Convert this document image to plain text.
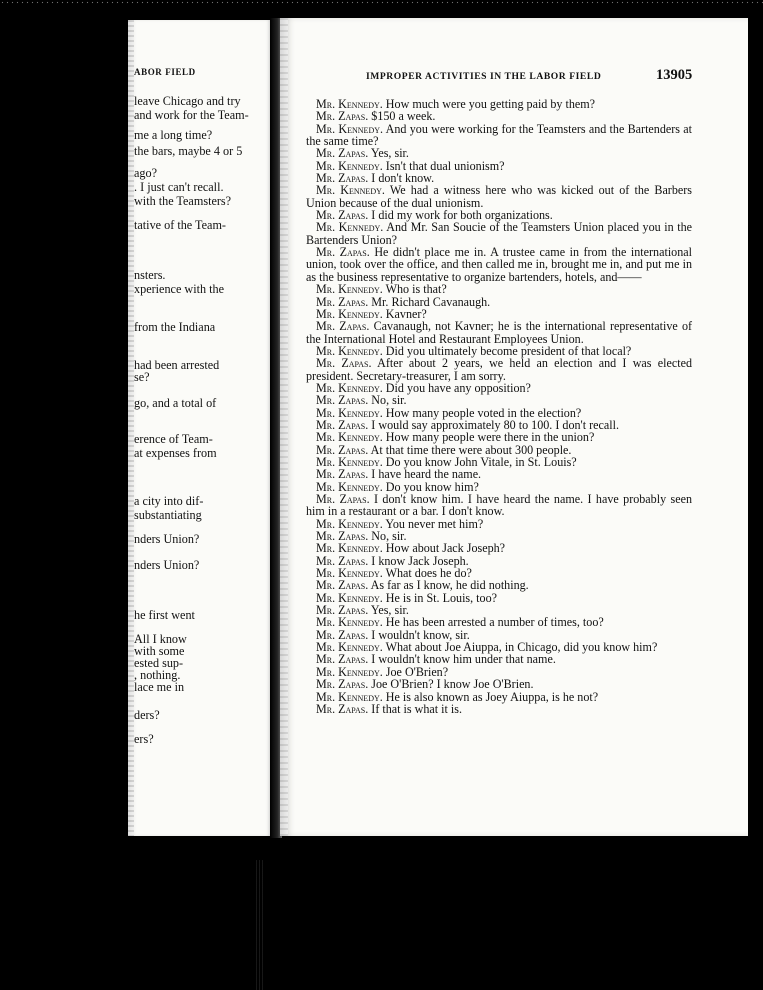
ABOR FIELD
leave Chicago and try
and work for the Team-
me a long time?
the bars, maybe 4 or 5
ago?
. I just can't recall.
with the Teamsters?
tative of the Team-
nsters.
xperience with the
from the Indiana
had been arrested
se?
go, and a total of
erence of Team-
at expenses from
a city into dif-
substantiating
nders Union?
nders Union?
he first went
All I know
with some
ested sup-
, nothing.
lace me in
ders?
ers?
IMPROPER ACTIVITIES IN THE LABOR FIELD	13905

Mr. Kennedy. How much were you getting paid by them?

Mr. Zapas. $150 a week.

Mr. Kennedy. And you were working for the Teamsters and the Bartenders at the same time?

Mr. Zapas. Yes, sir.

Mr. Kennedy. Isn't that dual unionism?

Mr. Zapas. I don't know.

Mr. Kennedy. We had a witness here who was kicked out of the Barbers Union because of the dual unionism.

Mr. Zapas. I did my work for both organizations.

Mr. Kennedy. And Mr. San Soucie of the Teamsters Union placed you in the Bartenders Union?

Mr. Zapas. He didn't place me in. A trustee came in from the international union, took over the office, and then called me in, brought me in, and put me in as the business representative to organize bartenders, hotels, and——

Mr. Kennedy. Who is that?

Mr. Zapas. Mr. Richard Cavanaugh.

Mr. Kennedy. Kavner?

Mr. Zapas. Cavanaugh, not Kavner; he is the international representative of the International Hotel and Restaurant Employees Union.

Mr. Kennedy. Did you ultimately become president of that local?

Mr. Zapas. After about 2 years, we held an election and I was elected president. Secretary-treasurer, I am sorry.

Mr. Kennedy. Did you have any opposition?

Mr. Zapas. No, sir.

Mr. Kennedy. How many people voted in the election?

Mr. Zapas. I would say approximately 80 to 100. I don't recall.

Mr. Kennedy. How many people were there in the union?

Mr. Zapas. At that time there were about 300 people.

Mr. Kennedy. Do you know John Vitale, in St. Louis?

Mr. Zapas. I have heard the name.

Mr. Kennedy. Do you know him?

Mr. Zapas. I don't know him. I have heard the name. I have probably seen him in a restaurant or a bar. I don't know.

Mr. Kennedy. You never met him?

Mr. Zapas. No, sir.

Mr. Kennedy. How about Jack Joseph?

Mr. Zapas. I know Jack Joseph.

Mr. Kennedy. What does he do?

Mr. Zapas. As far as I know, he did nothing.

Mr. Kennedy. He is in St. Louis, too?

Mr. Zapas. Yes, sir.

Mr. Kennedy. He has been arrested a number of times, too?

Mr. Zapas. I wouldn't know, sir.

Mr. Kennedy. What about Joe Aiuppa, in Chicago, did you know him?

Mr. Zapas. I wouldn't know him under that name.

Mr. Kennedy. Joe O'Brien?

Mr. Zapas. Joe O'Brien? I know Joe O'Brien.

Mr. Kennedy. He is also known as Joey Aiuppa, is he not?

Mr. Zapas. If that is what it is.
